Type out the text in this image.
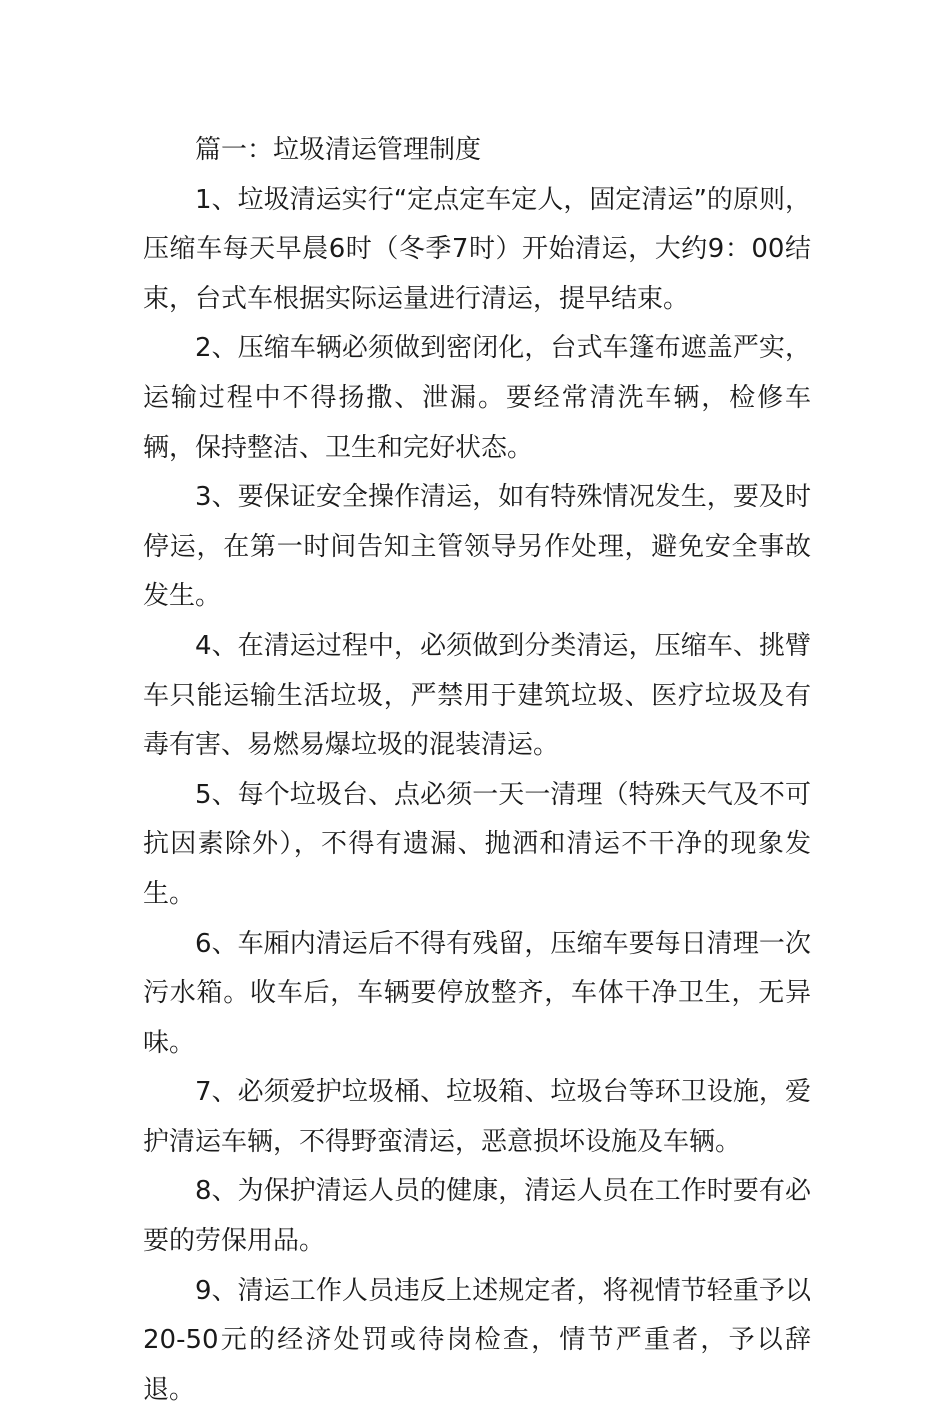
篇一：垃圾清运管理制度

1、垃圾清运实行“定点定车定人，固定清运”的原则，压缩车每天早晨6时（冬季7时）开始清运，大约9：00结束，台式车根据实际运量进行清运，提早结束。

2、压缩车辆必须做到密闭化，台式车篷布遮盖严实，运输过程中不得扬撒、泄漏。要经常清洗车辆，检修车辆，保持整洁、卫生和完好状态。

3、要保证安全操作清运，如有特殊情况发生，要及时停运，在第一时间告知主管领导另作处理，避免安全事故发生。

4、在清运过程中，必须做到分类清运，压缩车、挑臂车只能运输生活垃圾，严禁用于建筑垃圾、医疗垃圾及有毒有害、易燃易爆垃圾的混装清运。

5、每个垃圾台、点必须一天一清理（特殊天气及不可抗因素除外），不得有遗漏、抛洒和清运不干净的现象发生。

6、车厢内清运后不得有残留，压缩车要每日清理一次污水箱。收车后，车辆要停放整齐，车体干净卫生，无异味。

7、必须爱护垃圾桶、垃圾箱、垃圾台等环卫设施，爱护清运车辆，不得野蛮清运，恶意损坏设施及车辆。

8、为保护清运人员的健康，清运人员在工作时要有必要的劳保用品。

9、清运工作人员违反上述规定者，将视情节轻重予以20-50元的经济处罚或待岗检查，情节严重者，予以辞退。
